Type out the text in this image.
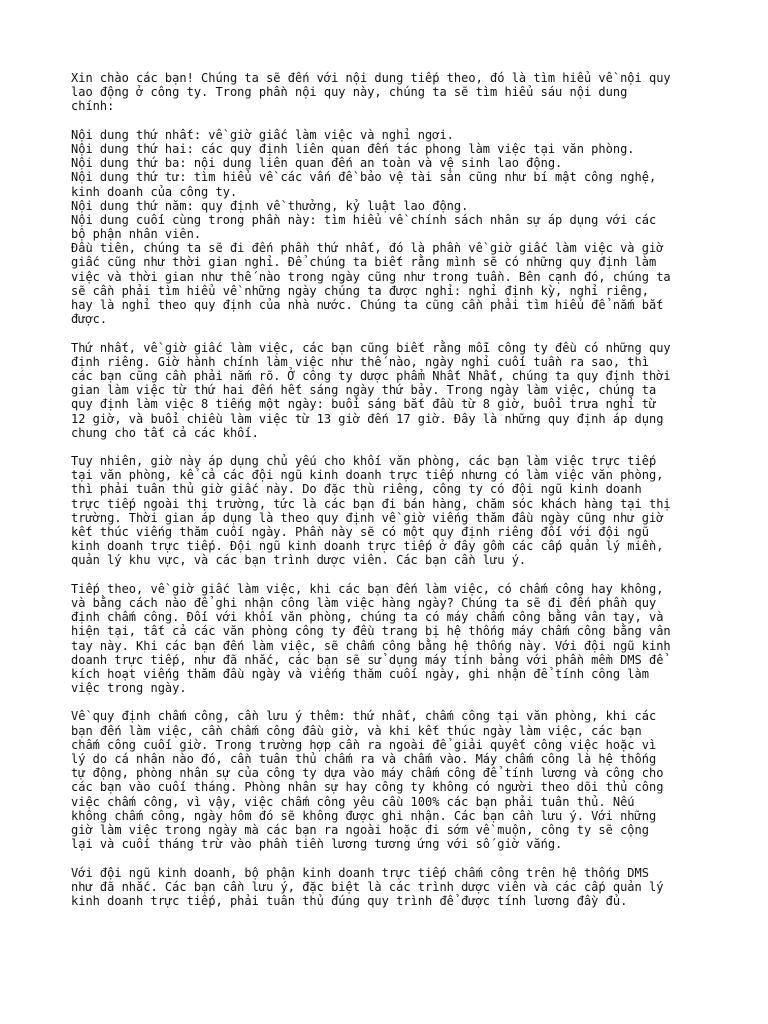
Xin chào các bạn! Chúng ta sẽ đến với nội dung tiếp theo, đó là tìm hiểu về nội quy
lao động ở công ty. Trong phần nội quy này, chúng ta sẽ tìm hiểu sáu nội dung
chính:
Nội dung thứ nhất: về giờ giấc làm việc và nghỉ ngơi.
Nội dung thứ hai: các quy định liên quan đến tác phong làm việc tại văn phòng.
Nội dung thứ ba: nội dung liên quan đến an toàn và vệ sinh lao động.
Nội dung thứ tư: tìm hiểu về các vấn đề bảo vệ tài sản cũng như bí mật công nghệ,
kinh doanh của công ty.
Nội dung thứ năm: quy định về thưởng, kỷ luật lao động.
Nội dung cuối cùng trong phần này: tìm hiểu về chính sách nhân sự áp dụng với các
bộ phận nhân viên.
Đầu tiên, chúng ta sẽ đi đến phần thứ nhất, đó là phần về giờ giấc làm việc và giờ
giấc cũng như thời gian nghỉ. Để chúng ta biết rằng mình sẽ có những quy định làm
việc và thời gian như thế nào trong ngày cũng như trong tuần. Bên cạnh đó, chúng ta
sẽ cần phải tìm hiểu về những ngày chúng ta được nghỉ: nghỉ định kỳ, nghỉ riêng,
hay là nghỉ theo quy định của nhà nước. Chúng ta cũng cần phải tìm hiểu để nắm bắt
được.
Thứ nhất, về giờ giấc làm việc, các bạn cũng biết rằng mỗi công ty đều có những quy
định riêng. Giờ hành chính làm việc như thế nào, ngày nghỉ cuối tuần ra sao, thì
các bạn cũng cần phải nắm rõ. Ở công ty dược phẩm Nhất Nhất, chúng ta quy định thời
gian làm việc từ thứ hai đến hết sáng ngày thứ bảy. Trong ngày làm việc, chúng ta
quy định làm việc 8 tiếng một ngày: buổi sáng bắt đầu từ 8 giờ, buổi trưa nghỉ từ
12 giờ, và buổi chiều làm việc từ 13 giờ đến 17 giờ. Đây là những quy định áp dụng
chung cho tất cả các khối.
Tuy nhiên, giờ này áp dụng chủ yếu cho khối văn phòng, các bạn làm việc trực tiếp
tại văn phòng, kể cả các đội ngũ kinh doanh trực tiếp nhưng có làm việc văn phòng,
thì phải tuân thủ giờ giấc này. Do đặc thù riêng, công ty có đội ngũ kinh doanh
trực tiếp ngoài thị trường, tức là các bạn đi bán hàng, chăm sóc khách hàng tại thị
trường. Thời gian áp dụng là theo quy định về giờ viếng thăm đầu ngày cũng như giờ
kết thúc viếng thăm cuối ngày. Phần này sẽ có một quy định riêng đối với đội ngũ
kinh doanh trực tiếp. Đội ngũ kinh doanh trực tiếp ở đây gồm các cấp quản lý miền,
quản lý khu vực, và các bạn trình dược viên. Các bạn cần lưu ý.
Tiếp theo, về giờ giấc làm việc, khi các bạn đến làm việc, có chấm công hay không,
và bằng cách nào để ghi nhận công làm việc hàng ngày? Chúng ta sẽ đi đến phần quy
định chấm công. Đối với khối văn phòng, chúng ta có máy chấm công bằng vân tay, và
hiện tại, tất cả các văn phòng công ty đều trang bị hệ thống máy chấm công bằng vân
tay này. Khi các bạn đến làm việc, sẽ chấm công bằng hệ thống này. Với đội ngũ kinh
doanh trực tiếp, như đã nhắc, các bạn sẽ sử dụng máy tính bảng với phần mềm DMS để
kích hoạt viếng thăm đầu ngày và viếng thăm cuối ngày, ghi nhận để tính công làm
việc trong ngày.
Về quy định chấm công, cần lưu ý thêm: thứ nhất, chấm công tại văn phòng, khi các
bạn đến làm việc, cần chấm công đầu giờ, và khi kết thúc ngày làm việc, các bạn
chấm công cuối giờ. Trong trường hợp cần ra ngoài để giải quyết công việc hoặc vì
lý do cá nhân nào đó, cần tuân thủ chấm ra và chấm vào. Máy chấm công là hệ thống
tự động, phòng nhân sự của công ty dựa vào máy chấm công để tính lương và công cho
các bạn vào cuối tháng. Phòng nhân sự hay công ty không có người theo dõi thủ công
việc chấm công, vì vậy, việc chấm công yêu cầu 100% các bạn phải tuân thủ. Nếu
không chấm công, ngày hôm đó sẽ không được ghi nhận. Các bạn cần lưu ý. Với những
giờ làm việc trong ngày mà các bạn ra ngoài hoặc đi sớm về muộn, công ty sẽ cộng
lại và cuối tháng trừ vào phần tiền lương tương ứng với số giờ vắng.
Với đội ngũ kinh doanh, bộ phận kinh doanh trực tiếp chấm công trên hệ thống DMS
như đã nhắc. Các bạn cần lưu ý, đặc biệt là các trình dược viên và các cấp quản lý
kinh doanh trực tiếp, phải tuân thủ đúng quy trình để được tính lương đầy đủ.
